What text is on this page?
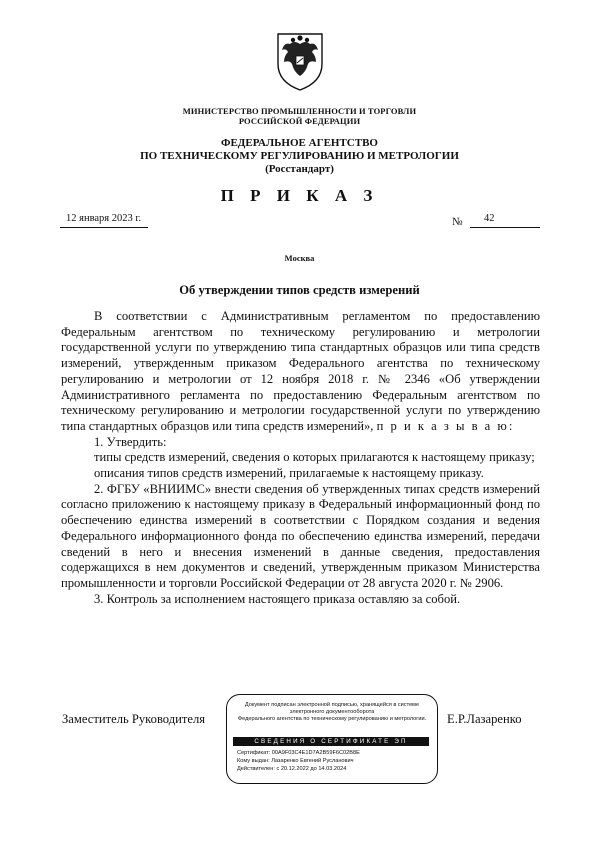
МИНИСТЕРСТВО ПРОМЫШЛЕННОСТИ И ТОРГОВЛИ
РОССИЙСКОЙ ФЕДЕРАЦИИ
ФЕДЕРАЛЬНОЕ АГЕНТСТВО
ПО ТЕХНИЧЕСКОМУ РЕГУЛИРОВАНИЮ И МЕТРОЛОГИИ
(Росстандарт)
П Р И К А З
12 января 2023 г.	№ 42
Москва
Об утверждении типов средств измерений

В соответствии с Административным регламентом по предоставлению Федеральным агентством по техническому регулированию и метрологии государственной услуги по утверждению типа стандартных образцов или типа средств измерений, утвержденным приказом Федерального агентства по техническому регулированию и метрологии от 12 ноября 2018 г. № 2346 «Об утверждении Административного регламента по предоставлению Федеральным агентством по техническому регулированию и метрологии государственной услуги по утверждению типа стандартных образцов или типа средств измерений», п р и к а з ы в а ю:

1. Утвердить:

типы средств измерений, сведения о которых прилагаются к настоящему приказу;

описания типов средств измерений, прилагаемые к настоящему приказу.

2. ФГБУ «ВНИИМС» внести сведения об утвержденных типах средств измерений согласно приложению к настоящему приказу в Федеральный информационный фонд по обеспечению единства измерений в соответствии с Порядком создания и ведения Федерального информационного фонда по обеспечению единства измерений, передачи сведений в него и внесения изменений в данные сведения, предоставления содержащихся в нем документов и сведений, утвержденным приказом Министерства промышленности и торговли Российской Федерации от 28 августа 2020 г. № 2906.

3. Контроль за исполнением настоящего приказа оставляю за собой.

Заместитель Руководителя	Е.Р.Лазаренко
Документ подписан электронной подписью, хранящейся в системе электронного документооборота
Федерального агентства по техническому регулированию и метрологии.
СВЕДЕНИЯ О СЕРТИФИКАТЕ ЭП
Сертификат: 00A9F03C4E1D7A2B59F6C02B8E
Кому выдан: Лазаренко Евгений Русланович
Действителен: с 20.12.2022 до 14.03.2024
